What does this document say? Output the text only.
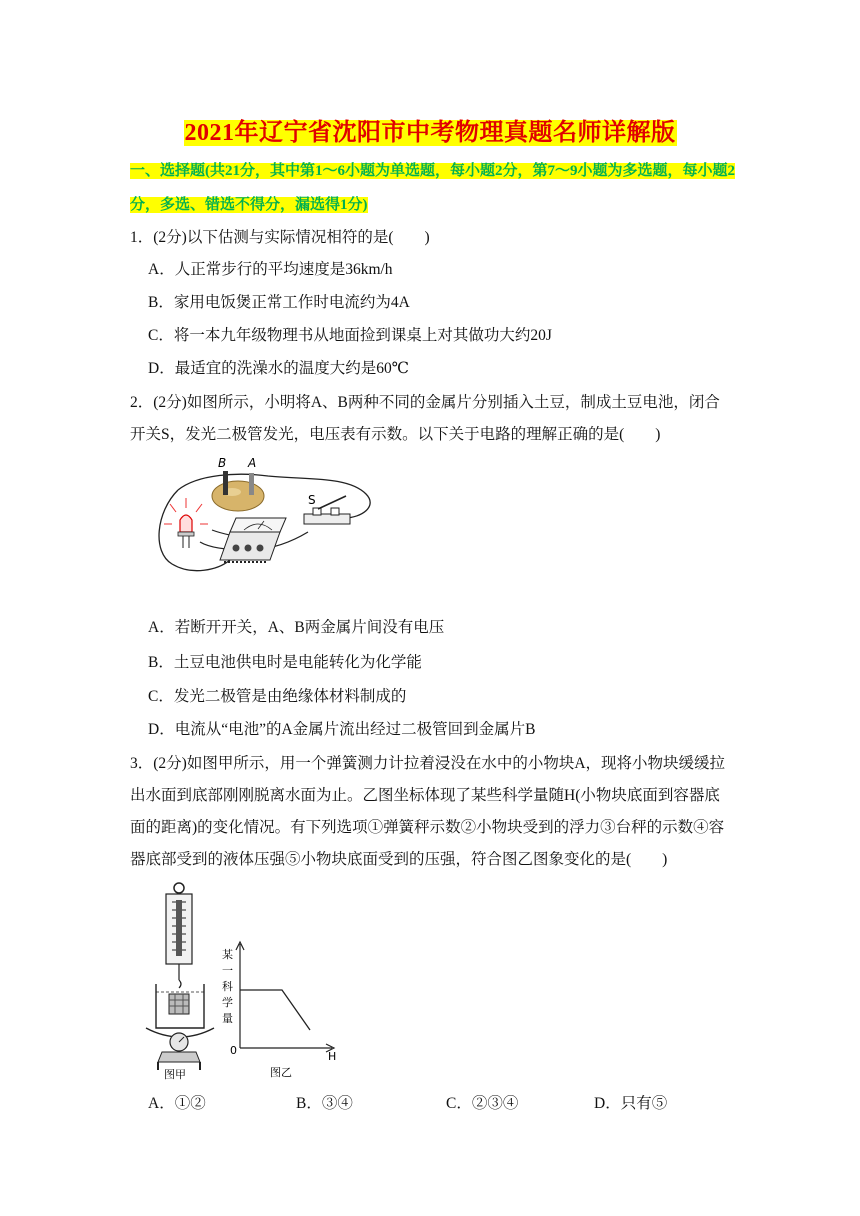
2021年辽宁省沈阳市中考物理真题名师详解版
一、选择题(共21分，其中第1～6小题为单选题，每小题2分，第7～9小题为多选题，每小题2分，多选、错选不得分，漏选得1分)
1．(2分)以下估测与实际情况相符的是(　　)
A．人正常步行的平均速度是36km/h
B．家用电饭煲正常工作时电流约为4A
C．将一本九年级物理书从地面捡到课桌上对其做功大约20J
D．最适宜的洗澡水的温度大约是60℃
2．(2分)如图所示，小明将A、B两种不同的金属片分别插入土豆，制成土豆电池，闭合开关S，发光二极管发光，电压表有示数。以下关于电路的理解正确的是(　　)
B A
S
A．若断开开关，A、B两金属片间没有电压
B．土豆电池供电时是电能转化为化学能
C．发光二极管是由绝缘体材料制成的
D．电流从“电池”的A金属片流出经过二极管回到金属片B
3．(2分)如图甲所示，用一个弹簧测力计拉着浸没在水中的小物块A，现将小物块缓缓拉出水面到底部刚刚脱离水面为止。乙图坐标体现了某些科学量随H(小物块底面到容器底面的距离)的变化情况。有下列选项①弹簧秤示数②小物块受到的浮力③台秤的示数④容器底部受到的液体压强⑤小物块底面受到的压强，符合图乙图象变化的是(　　)
图甲
某
一
科
学
量
0	H
图乙
A．①②	B．③④	C．②③④	D．只有⑤
